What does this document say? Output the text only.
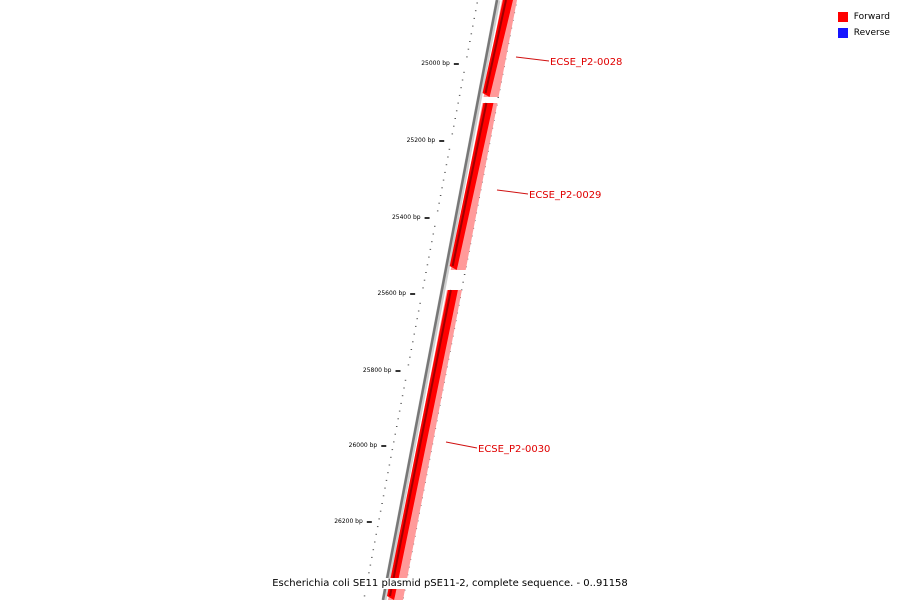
25000 bp
25200 bp
25400 bp
25600 bp
25800 bp
26000 bp
26200 bp
ECSE_P2-0028
ECSE_P2-0029
ECSE_P2-0030
Forward
Reverse
Escherichia coli SE11 plasmid pSE11-2, complete sequence. - 0..91158
